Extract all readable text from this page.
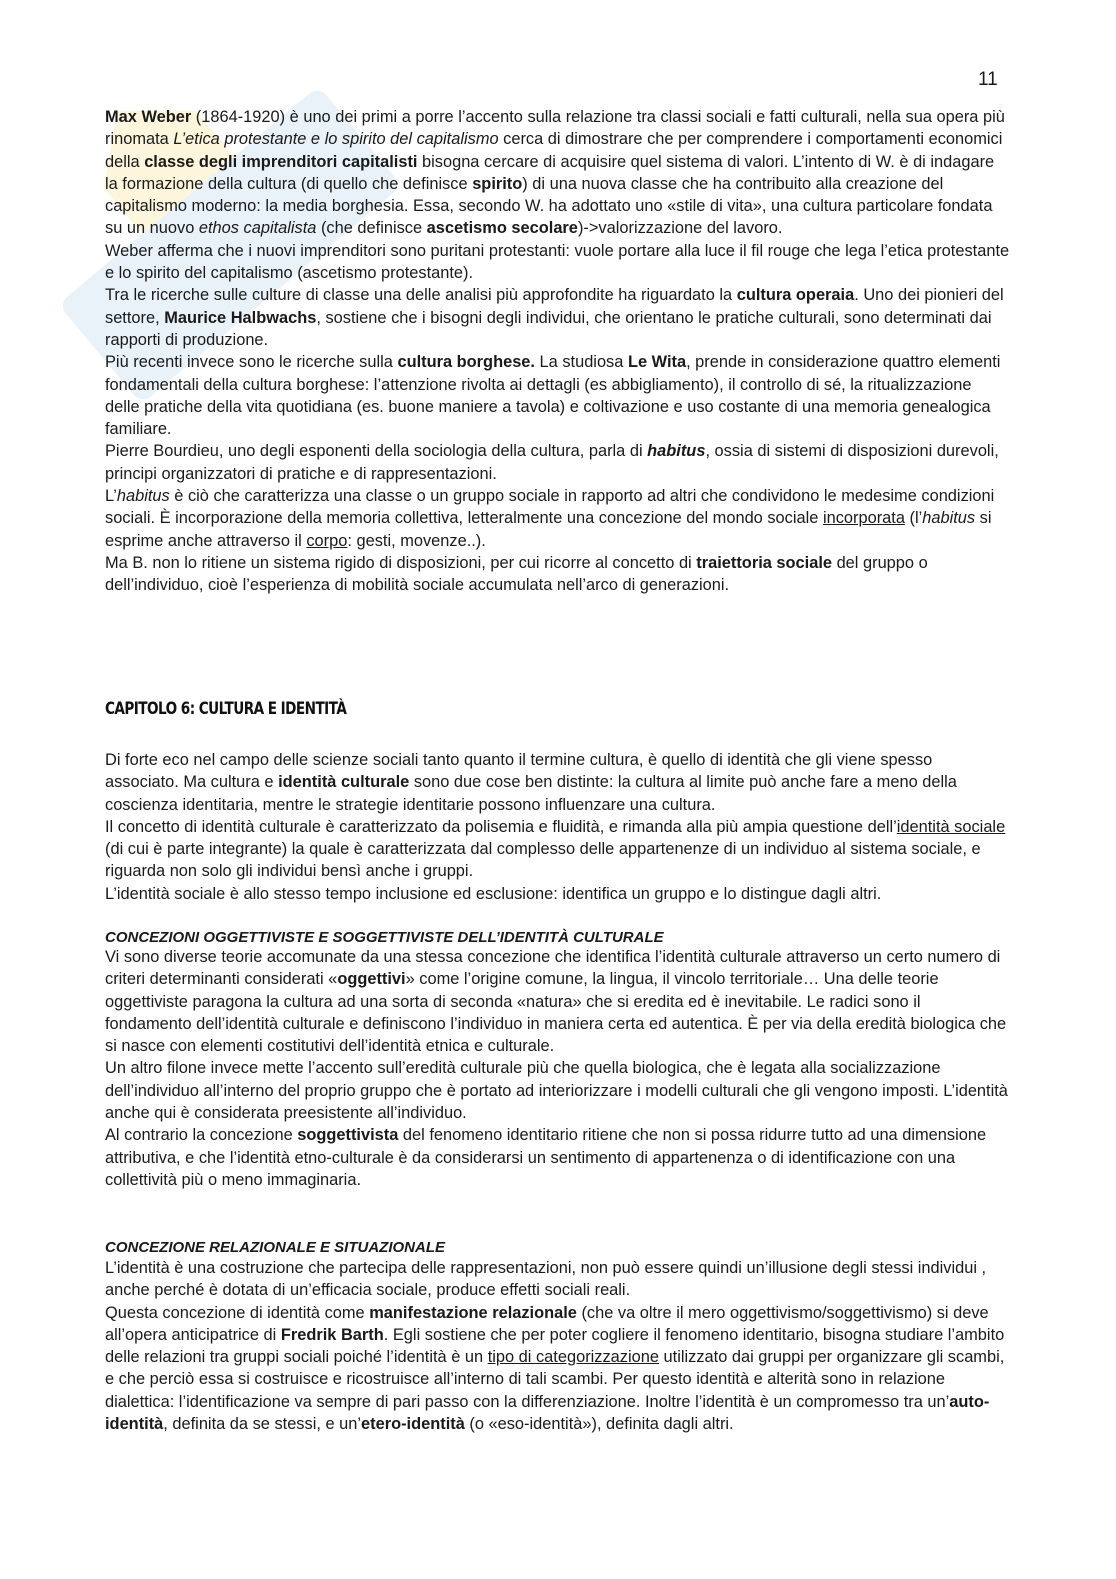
11

Max Weber (1864-1920) è uno dei primi a porre l’accento sulla relazione tra classi sociali e fatti culturali, nella sua opera più rinomata L’etica protestante e lo spirito del capitalismo cerca di dimostrare che per comprendere i comportamenti economici della classe degli imprenditori capitalisti bisogna cercare di acquisire quel sistema di valori. L’intento di W. è di indagare la formazione della cultura (di quello che definisce spirito) di una nuova classe che ha contribuito alla creazione del capitalismo moderno: la media borghesia. Essa, secondo W. ha adottato uno «stile di vita», una cultura particolare fondata su un nuovo ethos capitalista (che definisce ascetismo secolare)->valorizzazione del lavoro.

Weber afferma che i nuovi imprenditori sono puritani protestanti: vuole portare alla luce il fil rouge che lega l’etica protestante e lo spirito del capitalismo (ascetismo protestante).

Tra le ricerche sulle culture di classe una delle analisi più approfondite ha riguardato la cultura operaia. Uno dei pionieri del settore, Maurice Halbwachs, sostiene che i bisogni degli individui, che orientano le pratiche culturali, sono determinati dai rapporti di produzione.

Più recenti invece sono le ricerche sulla cultura borghese. La studiosa Le Wita, prende in considerazione quattro elementi fondamentali della cultura borghese: l’attenzione rivolta ai dettagli (es abbigliamento), il controllo di sé, la ritualizzazione delle pratiche della vita quotidiana (es. buone maniere a tavola) e coltivazione e uso costante di una memoria genealogica familiare.

Pierre Bourdieu, uno degli esponenti della sociologia della cultura, parla di habitus, ossia di sistemi di disposizioni durevoli, principi organizzatori di pratiche e di rappresentazioni.

L’habitus è ciò che caratterizza una classe o un gruppo sociale in rapporto ad altri che condividono le medesime condizioni sociali. È incorporazione della memoria collettiva, letteralmente una concezione del mondo sociale incorporata (l’habitus si esprime anche attraverso il corpo: gesti, movenze..).

Ma B. non lo ritiene un sistema rigido di disposizioni, per cui ricorre al concetto di traiettoria sociale del gruppo o dell’individuo, cioè l’esperienza di mobilità sociale accumulata nell’arco di generazioni.

CAPITOLO 6: CULTURA E IDENTITÀ

Di forte eco nel campo delle scienze sociali tanto quanto il termine cultura, è quello di identità che gli viene spesso associato. Ma cultura e identità culturale sono due cose ben distinte: la cultura al limite può anche fare a meno della coscienza identitaria, mentre le strategie identitarie possono influenzare una cultura.

Il concetto di identità culturale è caratterizzato da polisemia e fluidità, e rimanda alla più ampia questione dell’identità sociale (di cui è parte integrante) la quale è caratterizzata dal complesso delle appartenenze di un individuo al sistema sociale, e riguarda non solo gli individui bensì anche i gruppi.

L’identità sociale è allo stesso tempo inclusione ed esclusione: identifica un gruppo e lo distingue dagli altri.

CONCEZIONI OGGETTIVISTE E SOGGETTIVISTE DELL’IDENTITÀ CULTURALE

Vi sono diverse teorie accomunate da una stessa concezione che identifica l’identità culturale attraverso un certo numero di criteri determinanti considerati «oggettivi» come l’origine comune, la lingua, il vincolo territoriale… Una delle teorie oggettiviste paragona la cultura ad una sorta di seconda «natura» che si eredita ed è inevitabile. Le radici sono il fondamento dell’identità culturale e definiscono l’individuo in maniera certa ed autentica. È per via della eredità biologica che si nasce con elementi costitutivi dell’identità etnica e culturale.

Un altro filone invece mette l’accento sull’eredità culturale più che quella biologica, che è legata alla socializzazione dell’individuo all’interno del proprio gruppo che è portato ad interiorizzare i modelli culturali che gli vengono imposti. L’identità anche qui è considerata preesistente all’individuo.

Al contrario la concezione soggettivista del fenomeno identitario ritiene che non si possa ridurre tutto ad una dimensione attributiva, e che l’identità etno-culturale è da considerarsi un sentimento di appartenenza o di identificazione con una collettività più o meno immaginaria.

CONCEZIONE RELAZIONALE E SITUAZIONALE

L’identità è una costruzione che partecipa delle rappresentazioni, non può essere quindi un’illusione degli stessi individui , anche perché è dotata di un’efficacia sociale, produce effetti sociali reali.

Questa concezione di identità come manifestazione relazionale (che va oltre il mero oggettivismo/soggettivismo) si deve all’opera anticipatrice di Fredrik Barth. Egli sostiene che per poter cogliere il fenomeno identitario, bisogna studiare l’ambito delle relazioni tra gruppi sociali poiché l’identità è un tipo di categorizzazione utilizzato dai gruppi per organizzare gli scambi, e che perciò essa si costruisce e ricostruisce all’interno di tali scambi. Per questo identità e alterità sono in relazione dialettica: l’identificazione va sempre di pari passo con la differenziazione. Inoltre l’identità è un compromesso tra un’auto-identità, definita da se stessi, e un’etero-identità (o «eso-identità»), definita dagli altri.
